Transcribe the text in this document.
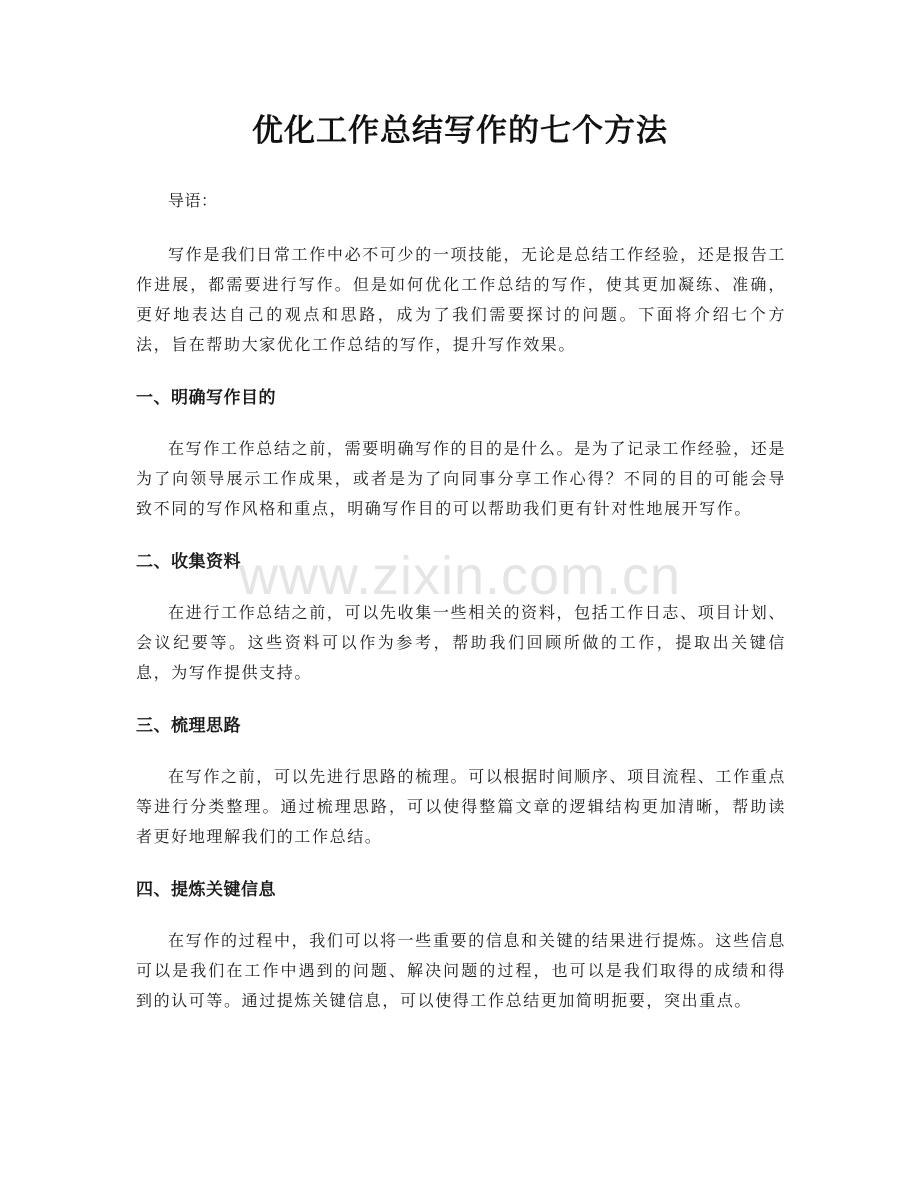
优化工作总结写作的七个方法

导语：

写作是我们日常工作中必不可少的一项技能，无论是总结工作经验，还是报告工作进展，都需要进行写作。但是如何优化工作总结的写作，使其更加凝练、准确，更好地表达自己的观点和思路，成为了我们需要探讨的问题。下面将介绍七个方法，旨在帮助大家优化工作总结的写作，提升写作效果。

一、明确写作目的

在写作工作总结之前，需要明确写作的目的是什么。是为了记录工作经验，还是为了向领导展示工作成果，或者是为了向同事分享工作心得？不同的目的可能会导致不同的写作风格和重点，明确写作目的可以帮助我们更有针对性地展开写作。

二、收集资料

在进行工作总结之前，可以先收集一些相关的资料，包括工作日志、项目计划、会议纪要等。这些资料可以作为参考，帮助我们回顾所做的工作，提取出关键信息，为写作提供支持。

三、梳理思路

在写作之前，可以先进行思路的梳理。可以根据时间顺序、项目流程、工作重点等进行分类整理。通过梳理思路，可以使得整篇文章的逻辑结构更加清晰，帮助读者更好地理解我们的工作总结。

四、提炼关键信息

在写作的过程中，我们可以将一些重要的信息和关键的结果进行提炼。这些信息可以是我们在工作中遇到的问题、解决问题的过程，也可以是我们取得的成绩和得到的认可等。通过提炼关键信息，可以使得工作总结更加简明扼要，突出重点。

www.zixin.com.cn
